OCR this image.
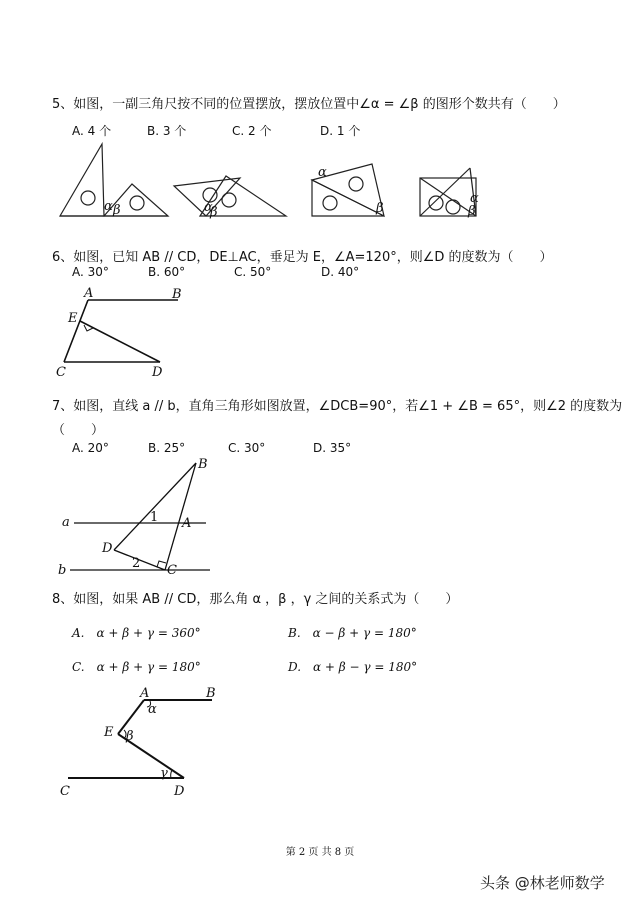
5、如图，一副三角尺按不同的位置摆放，摆放位置中∠α = ∠β 的图形个数共有（　　）
A. 4 个	B. 3 个	C. 2 个	D. 1 个
α β	α
β
α
β
α
β
6、如图，已知 AB // CD，DE⊥AC，垂足为 E，∠A=120°，则∠D 的度数为（　　）
A. 30°	B. 60°	C. 50°	D. 40°
A	B
E
C	D
7、如图，直线 a // b，直角三角形如图放置，∠DCB=90°，若∠1 + ∠B = 65°，则∠2 的度数为
（　　）
A. 20°	B. 25°	C. 30°	D. 35°
a
b
B
A
D
C
1
2
8、如图，如果 AB // CD，那么角 α ，β ，γ 之间的关系式为（　　）
A.　α + β + γ = 360°	B.　α − β + γ = 180°
C.　α + β + γ = 180°	D.　α + β − γ = 180°
A	B
E
C	D
α
β
γ
第 2 页 共 8 页
头条 @林老师数学
